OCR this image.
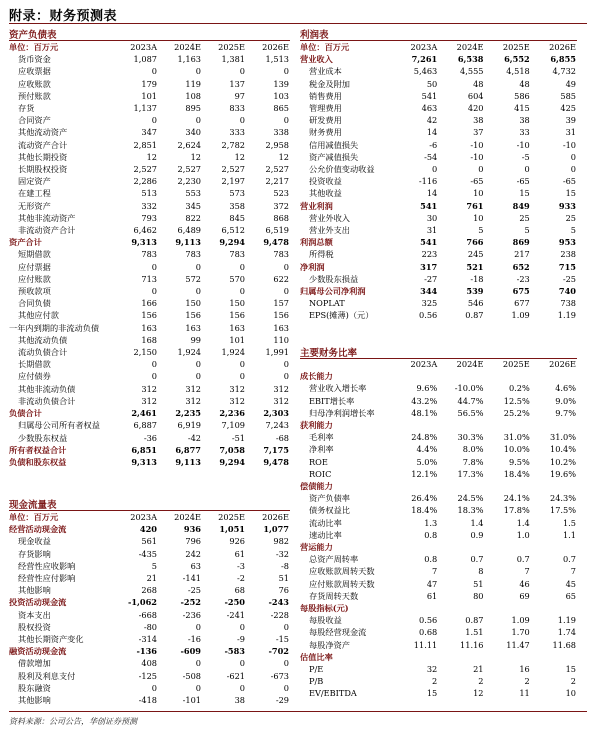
附录：财务预测表
资产负债表
单位：百万元	2023A	2024E	2025E	2026E
货币资金	1,087	1,163	1,381	1,513
应收票据	0	0	0	0
应收账款	179	119	137	139
预付账款	101	108	97	103
存货	1,137	895	833	865
合同资产	0	0	0	0
其他流动资产	347	340	333	338
流动资产合计	2,851	2,624	2,782	2,958
其他长期投资	12	12	12	12
长期股权投资	2,527	2,527	2,527	2,527
固定资产	2,286	2,230	2,197	2,217
在建工程	513	553	573	523
无形资产	332	345	358	372
其他非流动资产	793	822	845	868
非流动资产合计	6,462	6,489	6,512	6,519
资产合计	9,313	9,113	9,294	9,478
短期借款	783	783	783	783
应付票据	0	0	0	0
应付账款	713	572	570	622
预收款项	0	0	0	0
合同负债	166	150	150	157
其他应付款	156	156	156	156
一年内到期的非流动负债	163	163	163	163
其他流动负债	168	99	101	110
流动负债合计	2,150	1,924	1,924	1,991
长期借款	0	0	0	0
应付债券	0	0	0	0
其他非流动负债	312	312	312	312
非流动负债合计	312	312	312	312
负债合计	2,461	2,235	2,236	2,303
归属母公司所有者权益	6,887	6,919	7,109	7,243
少数股东权益	-36	-42	-51	-68
所有者权益合计	6,851	6,877	7,058	7,175
负债和股东权益	9,313	9,113	9,294	9,478
利润表
单位：百万元	2023A	2024E	2025E	2026E
营业收入	7,261	6,538	6,552	6,855
营业成本	5,463	4,555	4,518	4,732
税金及附加	50	48	48	49
销售费用	541	604	586	585
管理费用	463	420	415	425
研发费用	42	38	38	39
财务费用	14	37	33	31
信用减值损失	-6	-10	-10	-10
资产减值损失	-54	-10	-5	0
公允价值变动收益	0	0	0	0
投资收益	-116	-65	-65	-65
其他收益	14	10	15	15
营业利润	541	761	849	933
营业外收入	30	10	25	25
营业外支出	31	5	5	5
利润总额	541	766	869	953
所得税	223	245	217	238
净利润	317	521	652	715
少数股东损益	-27	-18	-23	-25
归属母公司净利润	344	539	675	740
NOPLAT	325	546	677	738
EPS(摊薄)（元）	0.56	0.87	1.09	1.19
主要财务比率
	2023A	2024E	2025E	2026E
成长能力				
营业收入增长率	9.6%	-10.0%	0.2%	4.6%
EBIT增长率	43.2%	44.7%	12.5%	9.0%
归母净利润增长率	48.1%	56.5%	25.2%	9.7%
获利能力				
毛利率	24.8%	30.3%	31.0%	31.0%
净利率	4.4%	8.0%	10.0%	10.4%
ROE	5.0%	7.8%	9.5%	10.2%
ROIC	12.1%	17.3%	18.4%	19.6%
偿债能力				
资产负债率	26.4%	24.5%	24.1%	24.3%
债务权益比	18.4%	18.3%	17.8%	17.5%
流动比率	1.3	1.4	1.4	1.5
速动比率	0.8	0.9	1.0	1.1
营运能力				
总资产周转率	0.8	0.7	0.7	0.7
应收账款周转天数	7	8	7	7
应付账款周转天数	47	51	46	45
存货周转天数	61	80	69	65
每股指标(元)				
每股收益	0.56	0.87	1.09	1.19
每股经营现金流	0.68	1.51	1.70	1.74
每股净资产	11.11	11.16	11.47	11.68
估值比率				
P/E	32	21	16	15
P/B	2	2	2	2
EV/EBITDA	15	12	11	10
现金流量表
单位：百万元	2023A	2024E	2025E	2026E
经营活动现金流	420	936	1,051	1,077
现金收益	561	796	926	982
存货影响	-435	242	61	-32
经营性应收影响	5	63	-3	-8
经营性应付影响	21	-141	-2	51
其他影响	268	-25	68	76
投资活动现金流	-1,062	-252	-250	-243
资本支出	-668	-236	-241	-228
股权投资	-80	0	0	0
其他长期资产变化	-314	-16	-9	-15
融资活动现金流	-136	-609	-583	-702
借款增加	408	0	0	0
股利及利息支付	-125	-508	-621	-673
股东融资	0	0	0	0
其他影响	-418	-101	38	-29
资料来源：公司公告，华创证券预测
